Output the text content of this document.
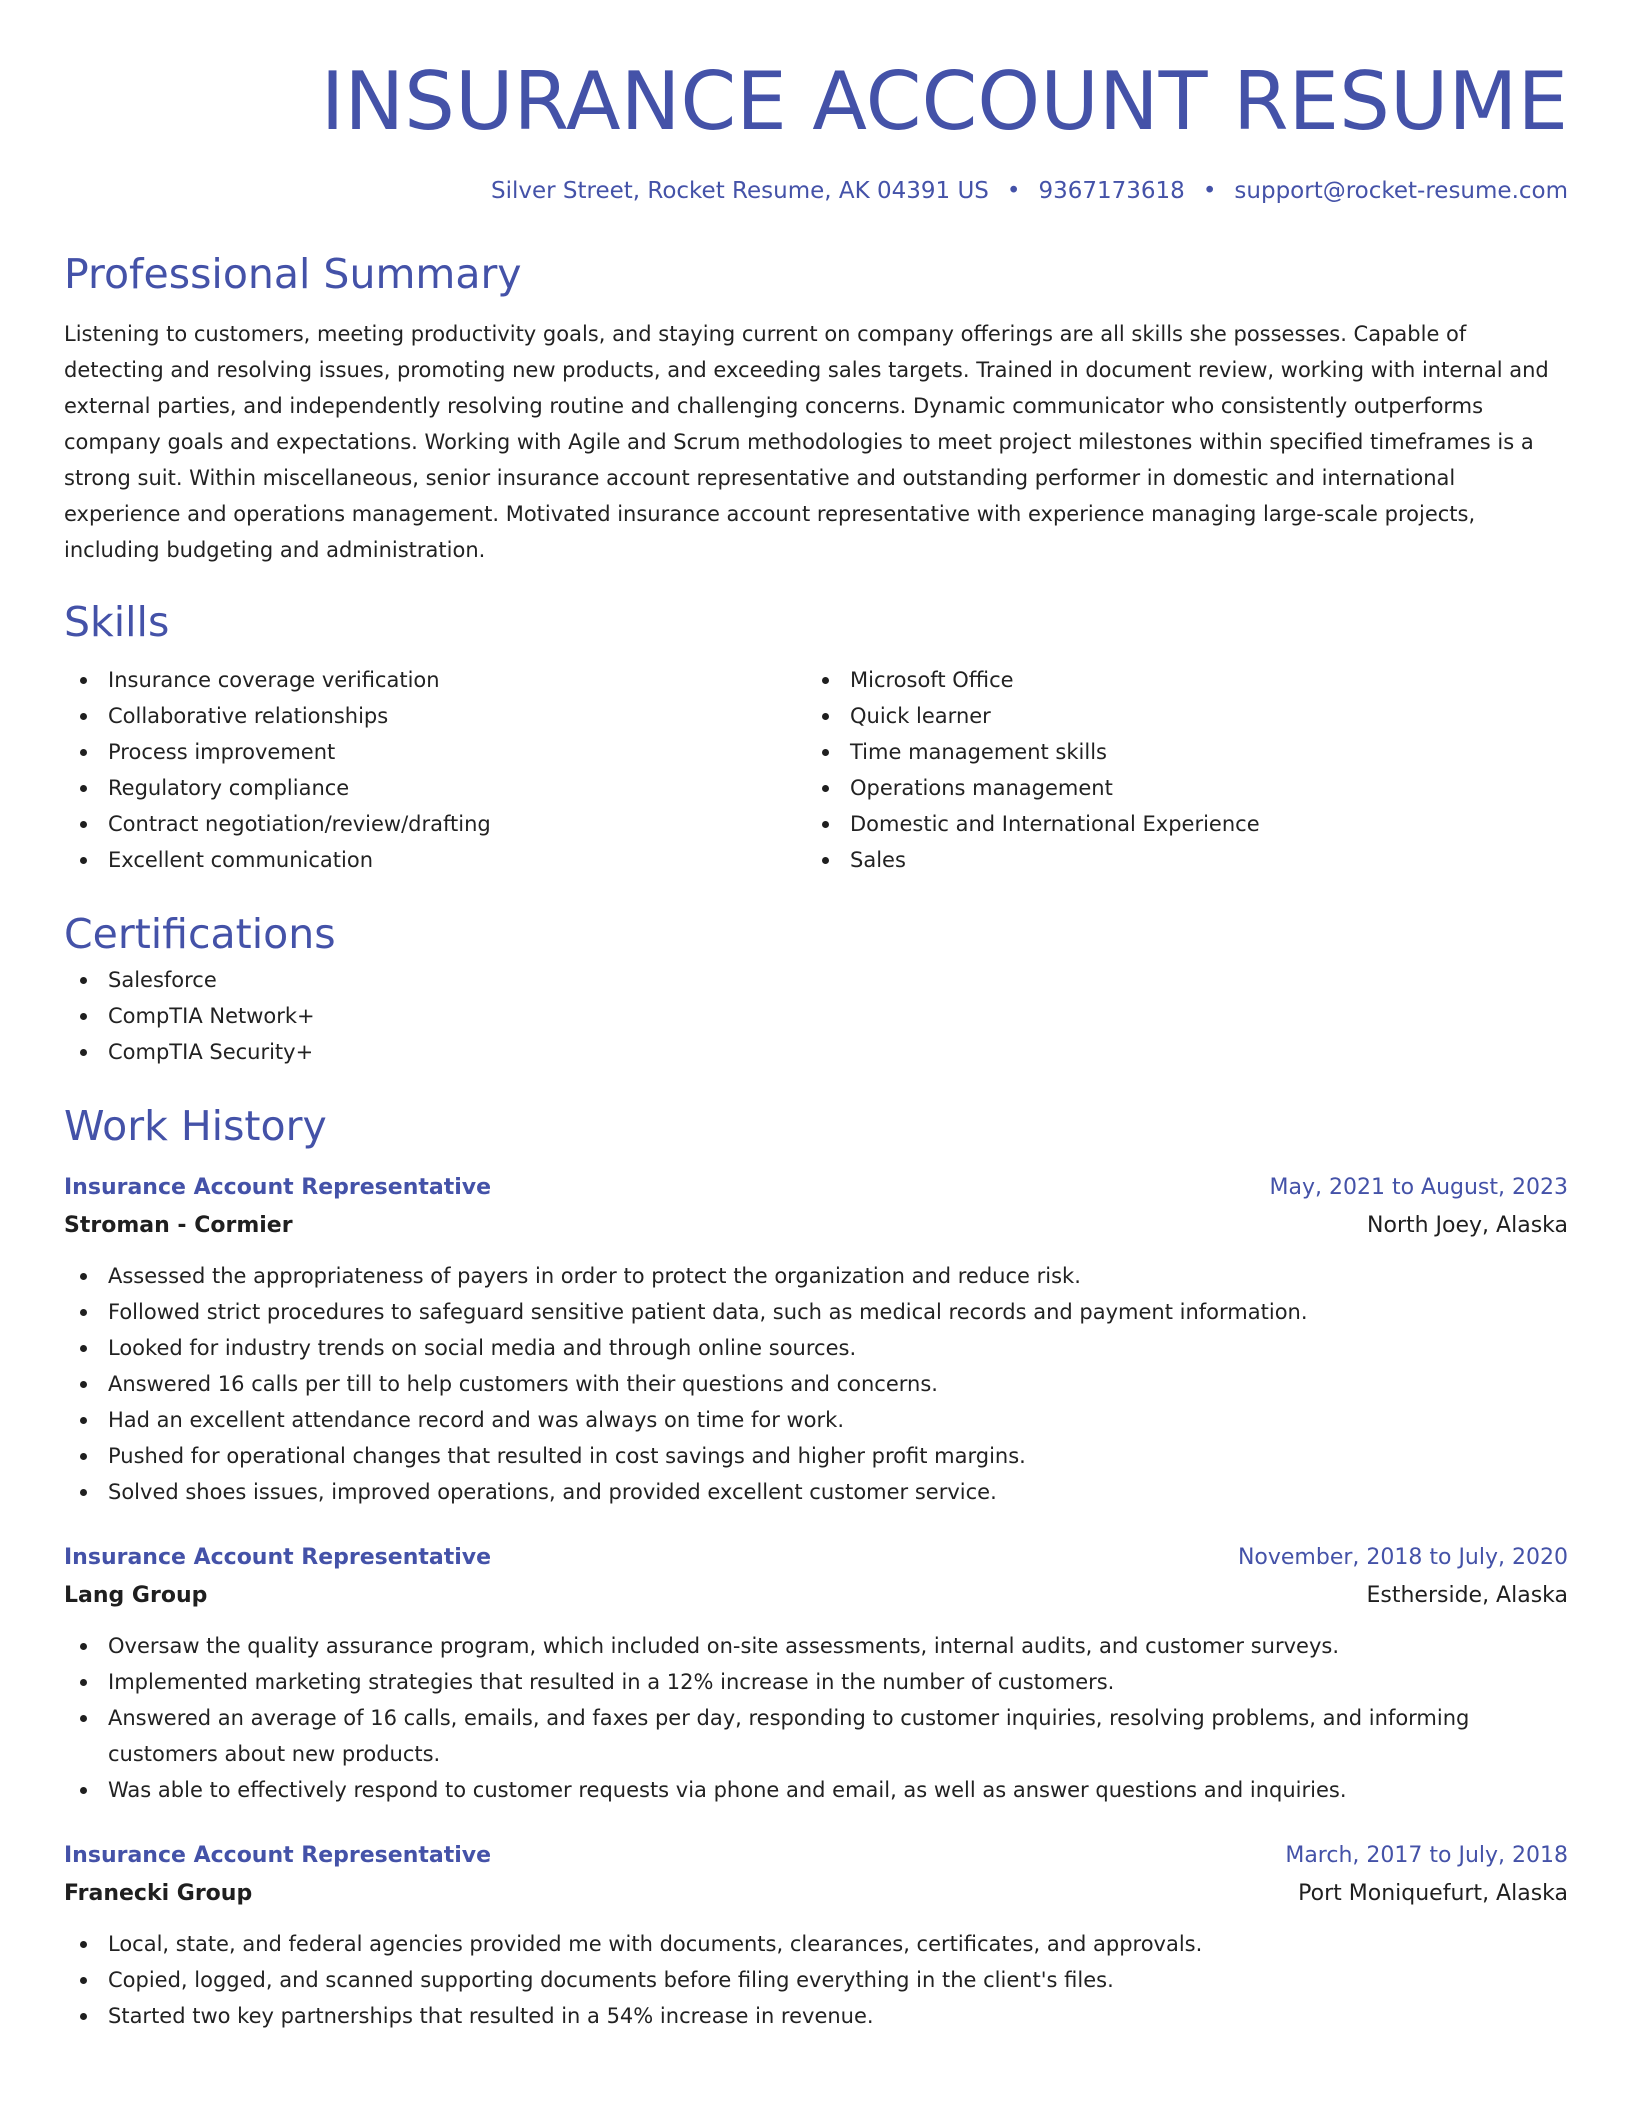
INSURANCE ACCOUNT RESUME
Silver Street, Rocket Resume, AK 04391 US • 9367173618 • support@rocket-resume.com
Professional Summary

Listening to customers, meeting productivity goals, and staying current on company offerings are all skills she possesses. Capable of detecting and resolving issues, promoting new products, and exceeding sales targets. Trained in document review, working with internal and external parties, and independently resolving routine and challenging concerns. Dynamic communicator who consistently outperforms company goals and expectations. Working with Agile and Scrum methodologies to meet project milestones within specified timeframes is a strong suit. Within miscellaneous, senior insurance account representative and outstanding performer in domestic and international experience and operations management. Motivated insurance account representative with experience managing large-scale projects, including budgeting and administration.

Skills
Insurance coverage verification
Collaborative relationships
Process improvement
Regulatory compliance
Contract negotiation/review/drafting
Excellent communication
Microsoft Office
Quick learner
Time management skills
Operations management
Domestic and International Experience
Sales
Certifications
Salesforce
CompTIA Network+
CompTIA Security+
Work History
Insurance Account Representative	May, 2021 to August, 2023
Stroman - Cormier	North Joey, Alaska
Assessed the appropriateness of payers in order to protect the organization and reduce risk.
Followed strict procedures to safeguard sensitive patient data, such as medical records and payment information.
Looked for industry trends on social media and through online sources.
Answered 16 calls per till to help customers with their questions and concerns.
Had an excellent attendance record and was always on time for work.
Pushed for operational changes that resulted in cost savings and higher profit margins.
Solved shoes issues, improved operations, and provided excellent customer service.
Insurance Account Representative	November, 2018 to July, 2020
Lang Group	Estherside, Alaska
Oversaw the quality assurance program, which included on-site assessments, internal audits, and customer surveys.
Implemented marketing strategies that resulted in a 12% increase in the number of customers.
Answered an average of 16 calls, emails, and faxes per day, responding to customer inquiries, resolving problems, and informing customers about new products.
Was able to effectively respond to customer requests via phone and email, as well as answer questions and inquiries.
Insurance Account Representative	March, 2017 to July, 2018
Franecki Group	Port Moniquefurt, Alaska
Local, state, and federal agencies provided me with documents, clearances, certificates, and approvals.
Copied, logged, and scanned supporting documents before filing everything in the client's files.
Started two key partnerships that resulted in a 54% increase in revenue.
